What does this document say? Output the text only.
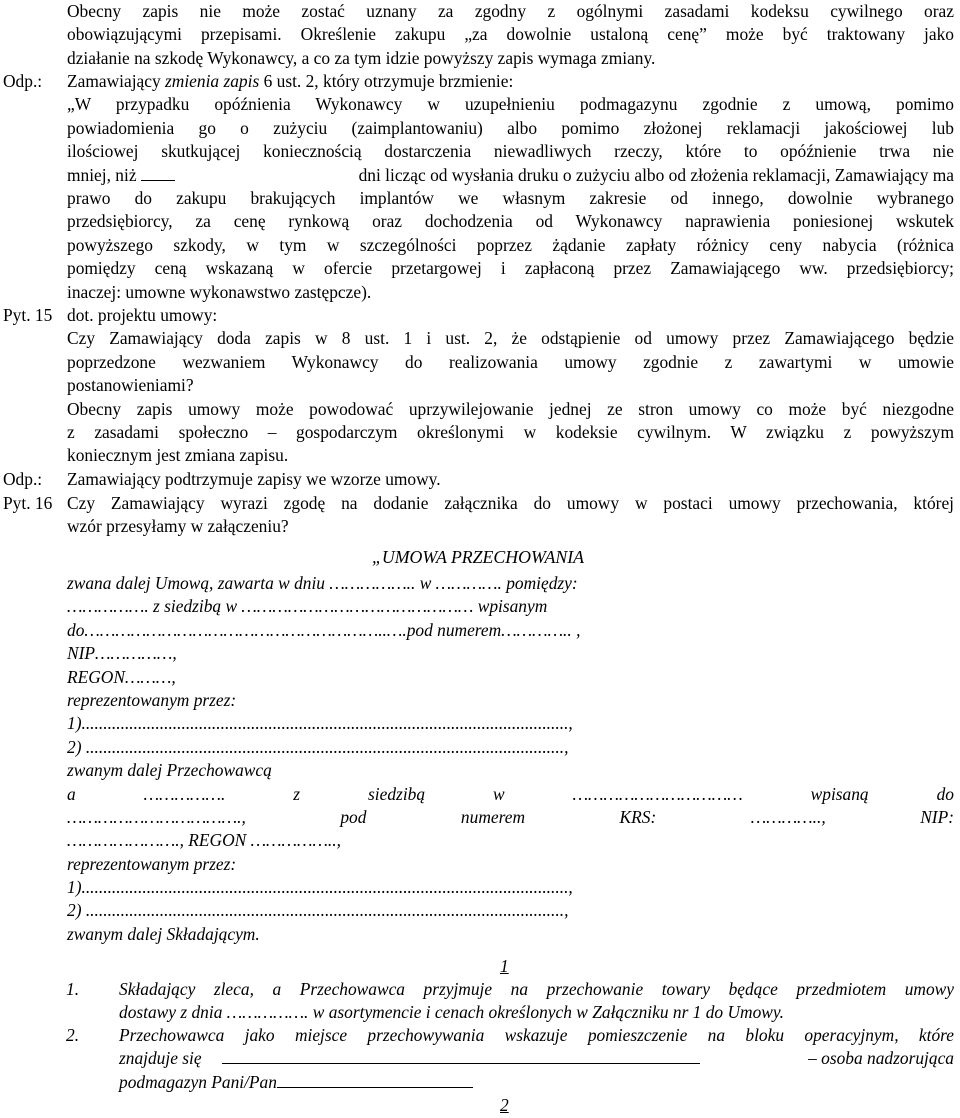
Obecny zapis nie może zostać uznany za zgodny z ogólnymi zasadami kodeksu cywilnego oraz
obowiązującymi przepisami. Określenie zakupu „za dowolnie ustaloną cenę” może być traktowany jako
działanie na szkodę Wykonawcy, a co za tym idzie powyższy zapis wymaga zmiany.
Odp.: Zamawiający zmienia zapis 6 ust. 2, który otrzymuje brzmienie:
„W przypadku opóźnienia Wykonawcy w uzupełnieniu podmagazynu zgodnie z umową, pomimo
powiadomienia go o zużyciu (zaimplantowaniu) albo pomimo złożonej reklamacji jakościowej lub
ilościowej skutkującej koniecznością dostarczenia niewadliwych rzeczy, które to opóźnienie trwa nie
mniej, niż	dni licząc od wysłania druku o zużyciu albo od złożenia reklamacji, Zamawiający ma
prawo do zakupu brakujących implantów we własnym zakresie od innego, dowolnie wybranego
przedsiębiorcy, za cenę rynkową oraz dochodzenia od Wykonawcy naprawienia poniesionej wskutek
powyższego szkody, w tym w szczególności poprzez żądanie zapłaty różnicy ceny nabycia (różnica
pomiędzy ceną wskazaną w ofercie przetargowej i zapłaconą przez Zamawiającego ww. przedsiębiorcy;
inaczej: umowne wykonawstwo zastępcze).
Pyt. 15 dot. projektu umowy:
Czy Zamawiający doda zapis w 8 ust. 1 i ust. 2, że odstąpienie od umowy przez Zamawiającego będzie
poprzedzone wezwaniem Wykonawcy do realizowania umowy zgodnie z zawartymi w umowie
postanowieniami?
Obecny zapis umowy może powodować uprzywilejowanie jednej ze stron umowy co może być niezgodne
z zasadami społeczno – gospodarczym określonymi w kodeksie cywilnym. W związku z powyższym
koniecznym jest zmiana zapisu.
Odp.: Zamawiający podtrzymuje zapisy we wzorze umowy.
Pyt. 16 Czy Zamawiający wyrazi zgodę na dodanie załącznika do umowy w postaci umowy przechowania, której
wzór przesyłamy w załączeniu?
„UMOWA PRZECHOWANIA
zwana dalej Umową, zawarta w dniu …………….. w …………. pomiędzy:
……………. z siedzibą w ……………………………………… wpisanym
do…………………………………………………..….pod numerem………….. ,
NIP……………,
REGON………,
reprezentowanym przez:
1)................................................................................................................,
2) ..............................................................................................................,
zwanym dalej Przechowawcą
a ……………. z siedzibą w …………………………… wpisaną do
……………………………., pod numerem KRS: ………….., NIP:
…………………., REGON ……………..,
reprezentowanym przez:
1)................................................................................................................,
2) ..............................................................................................................,
zwanym dalej Składającym.
1
1. Składający zleca, a Przechowawca przyjmuje na przechowanie towary będące przedmiotem umowy
dostawy z dnia ……………. w asortymencie i cenach określonych w Załączniku nr 1 do Umowy.
2. Przechowawca jako miejsce przechowywania wskazuje pomieszczenie na bloku operacyjnym, które
znajduje się	– osoba nadzorująca
podmagazyn Pani/Pan
2
